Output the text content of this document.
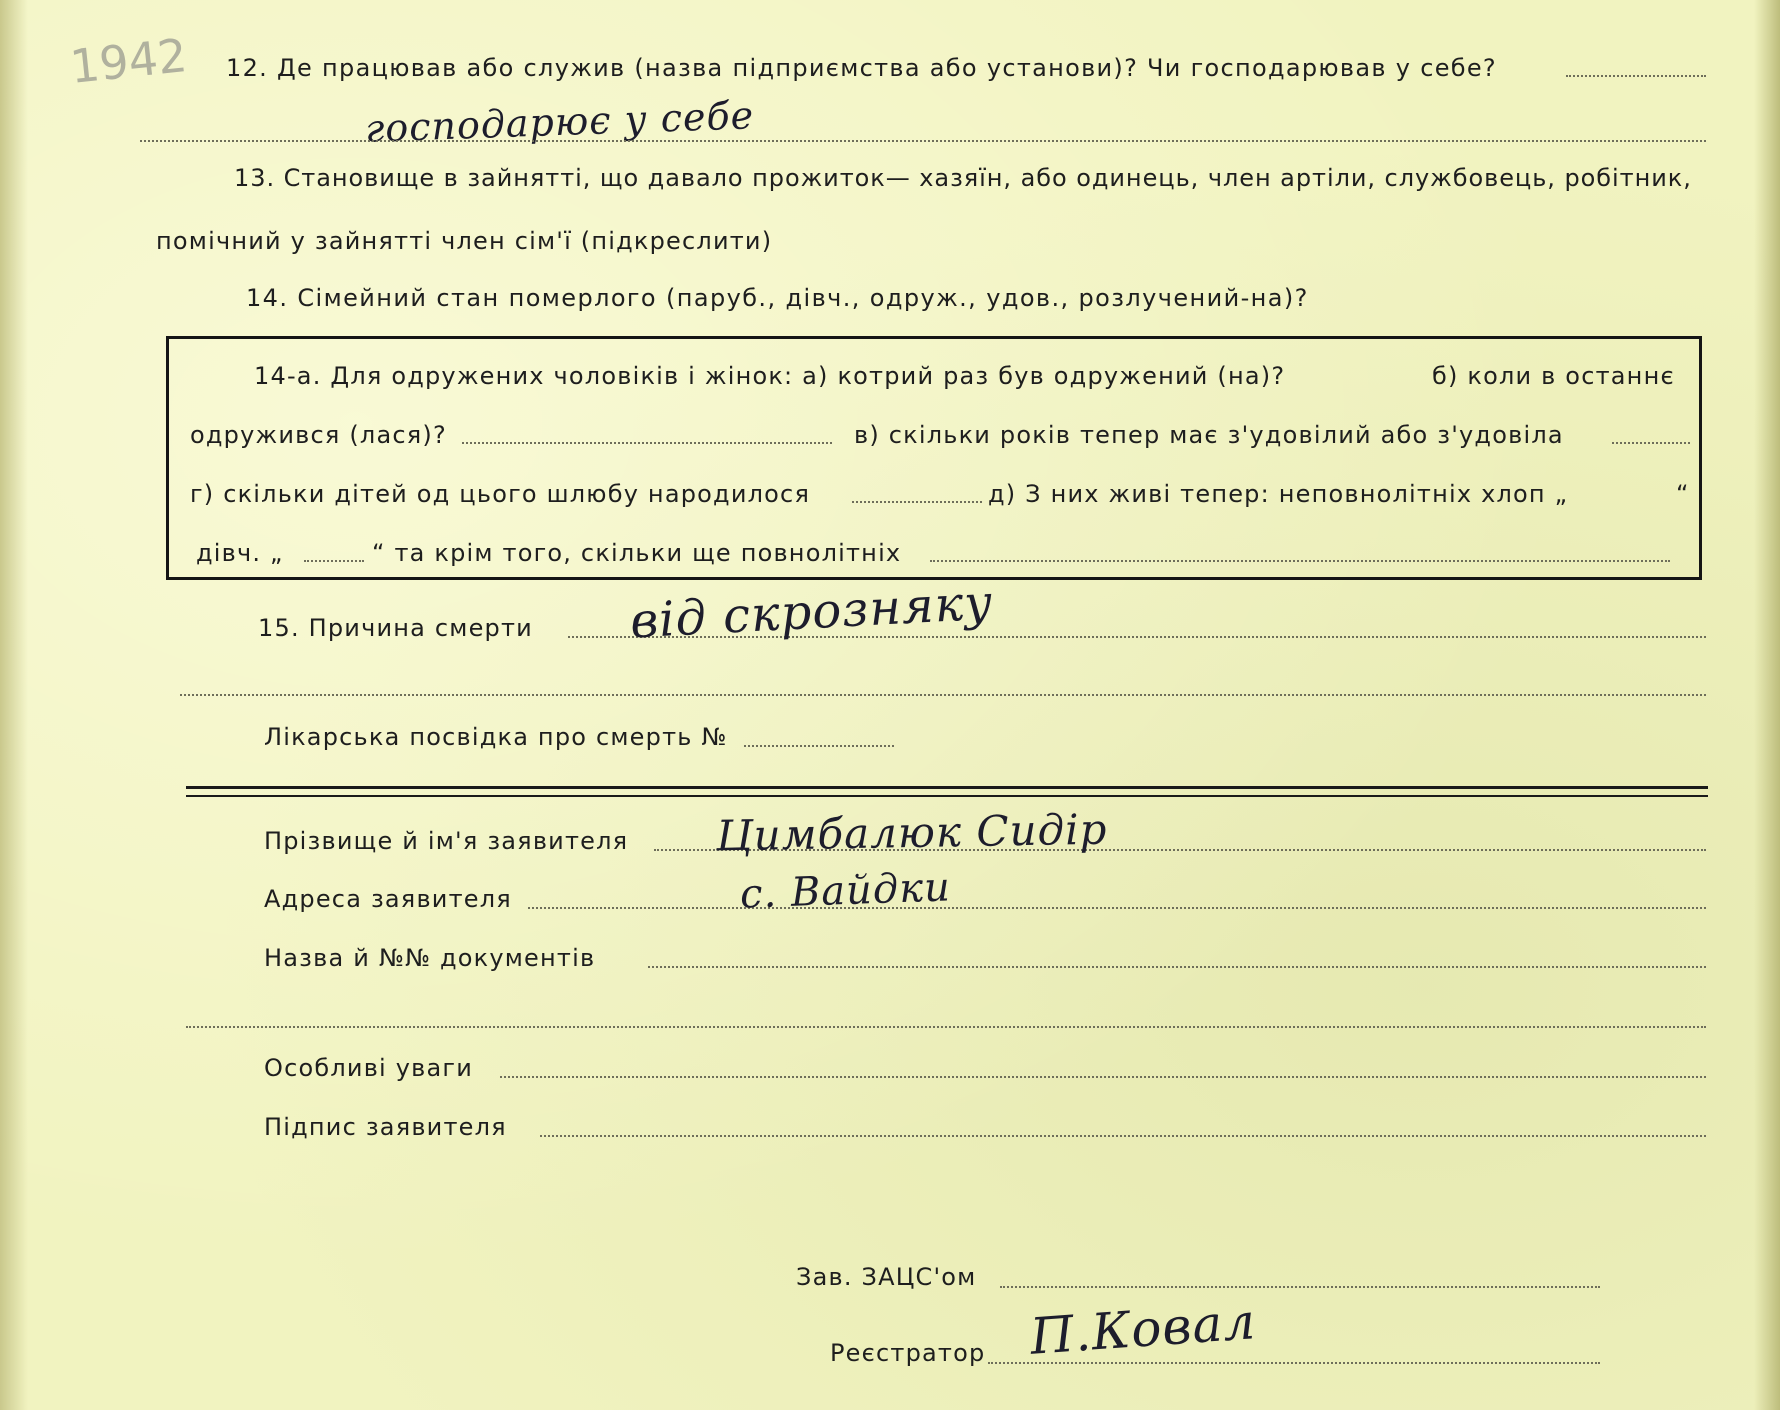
1942 12. Де працював або служив (назва підприємства або установи)? Чи господарював у себе?
господарює у себе
13. Становище в зайнятті, що давало прожиток— хазяїн, або одинець, член артіли, службовець, робітник,
помічний у зайнятті член сім'ї (підкреслити)
14. Сімейний стан померлого (паруб., дівч., одруж., удов., розлучений-на)?
14-а. Для одружених чоловіків і жінок: а) котрий раз був одружений (на)?	б) коли в останнє
одружився (лася)?	в) скільки років тепер має з'удовілий або з'удовіла
г) скільки дітей од цього шлюбу народилося	д) З них живі тепер: неповнолітніх хлоп „	“
дівч. „	“ та крім того, скільки ще повнолітніх
15. Причина смерти від скрозняку
Лікарська посвідка про смерть №
Прізвище й ім'я заявителя Цимбалюк Сидір
Адреса заявителя	с. Вайдки
Назва й №№ документів
Особливі уваги
Підпис заявителя
Зав. ЗАЦС'ом
Реєстратор П.Ковал
